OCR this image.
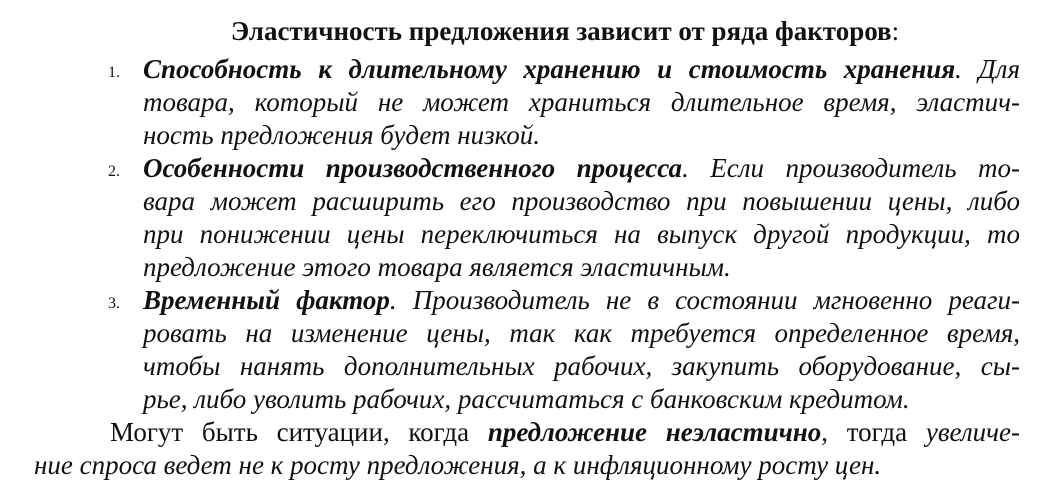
Эластичность предложения зависит от ряда факторов:
1. Способность к длительному хранению и стоимость хранения. Для
товара, который не может храниться длительное время, эластич-
ность предложения будет низкой.
2. Особенности производственного процесса. Если производитель то-
вара может расширить его производство при повышении цены, либо
при понижении цены переключиться на выпуск другой продукции, то
предложение этого товара является эластичным.
3. Временный фактор. Производитель не в состоянии мгновенно реаги-
ровать на изменение цены, так как требуется определенное время,
чтобы нанять дополнительных рабочих, закупить оборудование, сы-
рье, либо уволить рабочих, рассчитаться с банковским кредитом.
Могут быть ситуации, когда предложение неэластично, тогда увеличе-
ние спроса ведет не к росту предложения, а к инфляционному росту цен.
